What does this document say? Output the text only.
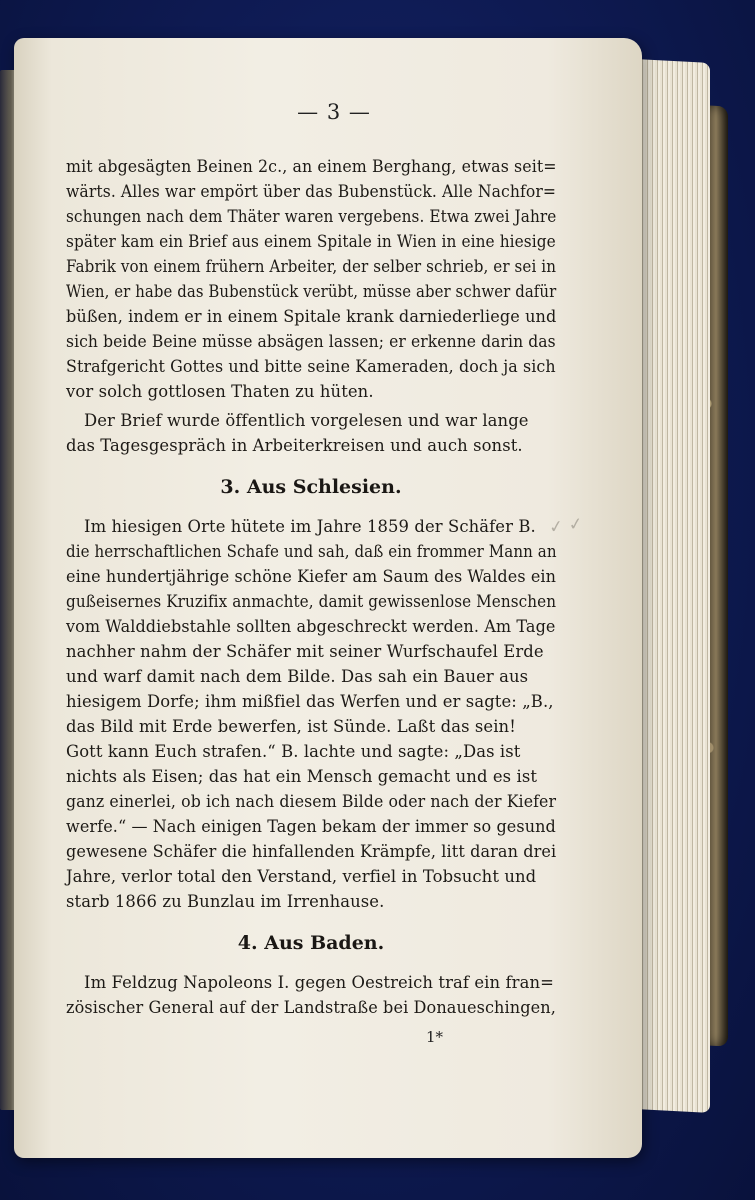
— 3 —
mit abgesägten Beinen 2c., an einem Berghang, etwas seit=
wärts. Alles war empört über das Bubenstück. Alle Nachfor=
schungen nach dem Thäter waren vergebens. Etwa zwei Jahre
später kam ein Brief aus einem Spitale in Wien in eine hiesige
Fabrik von einem frühern Arbeiter, der selber schrieb, er sei in
Wien, er habe das Bubenstück verübt, müsse aber schwer dafür
büßen, indem er in einem Spitale krank darniederliege und
sich beide Beine müsse absägen lassen; er erkenne darin das
Strafgericht Gottes und bitte seine Kameraden, doch ja sich
vor solch gottlosen Thaten zu hüten.
Der Brief wurde öffentlich vorgelesen und war lange
das Tagesgespräch in Arbeiterkreisen und auch sonst.
3. Aus Schlesien.
Im hiesigen Orte hütete im Jahre 1859 der Schäfer B.
die herrschaftlichen Schafe und sah, daß ein frommer Mann an
eine hundertjährige schöne Kiefer am Saum des Waldes ein
gußeisernes Kruzifix anmachte, damit gewissenlose Menschen
vom Walddiebstahle sollten abgeschreckt werden. Am Tage
nachher nahm der Schäfer mit seiner Wurfschaufel Erde
und warf damit nach dem Bilde. Das sah ein Bauer aus
hiesigem Dorfe; ihm mißfiel das Werfen und er sagte: „B.,
das Bild mit Erde bewerfen, ist Sünde. Laßt das sein!
Gott kann Euch strafen.“ B. lachte und sagte: „Das ist
nichts als Eisen; das hat ein Mensch gemacht und es ist
ganz einerlei, ob ich nach diesem Bilde oder nach der Kiefer
werfe.“ — Nach einigen Tagen bekam der immer so gesund
gewesene Schäfer die hinfallenden Krämpfe, litt daran drei
Jahre, verlor total den Verstand, verfiel in Tobsucht und
starb 1866 zu Bunzlau im Irrenhause.
4. Aus Baden.
Im Feldzug Napoleons I. gegen Oestreich traf ein fran=
zösischer General auf der Landstraße bei Donaueschingen,
1*
✓ ✓
